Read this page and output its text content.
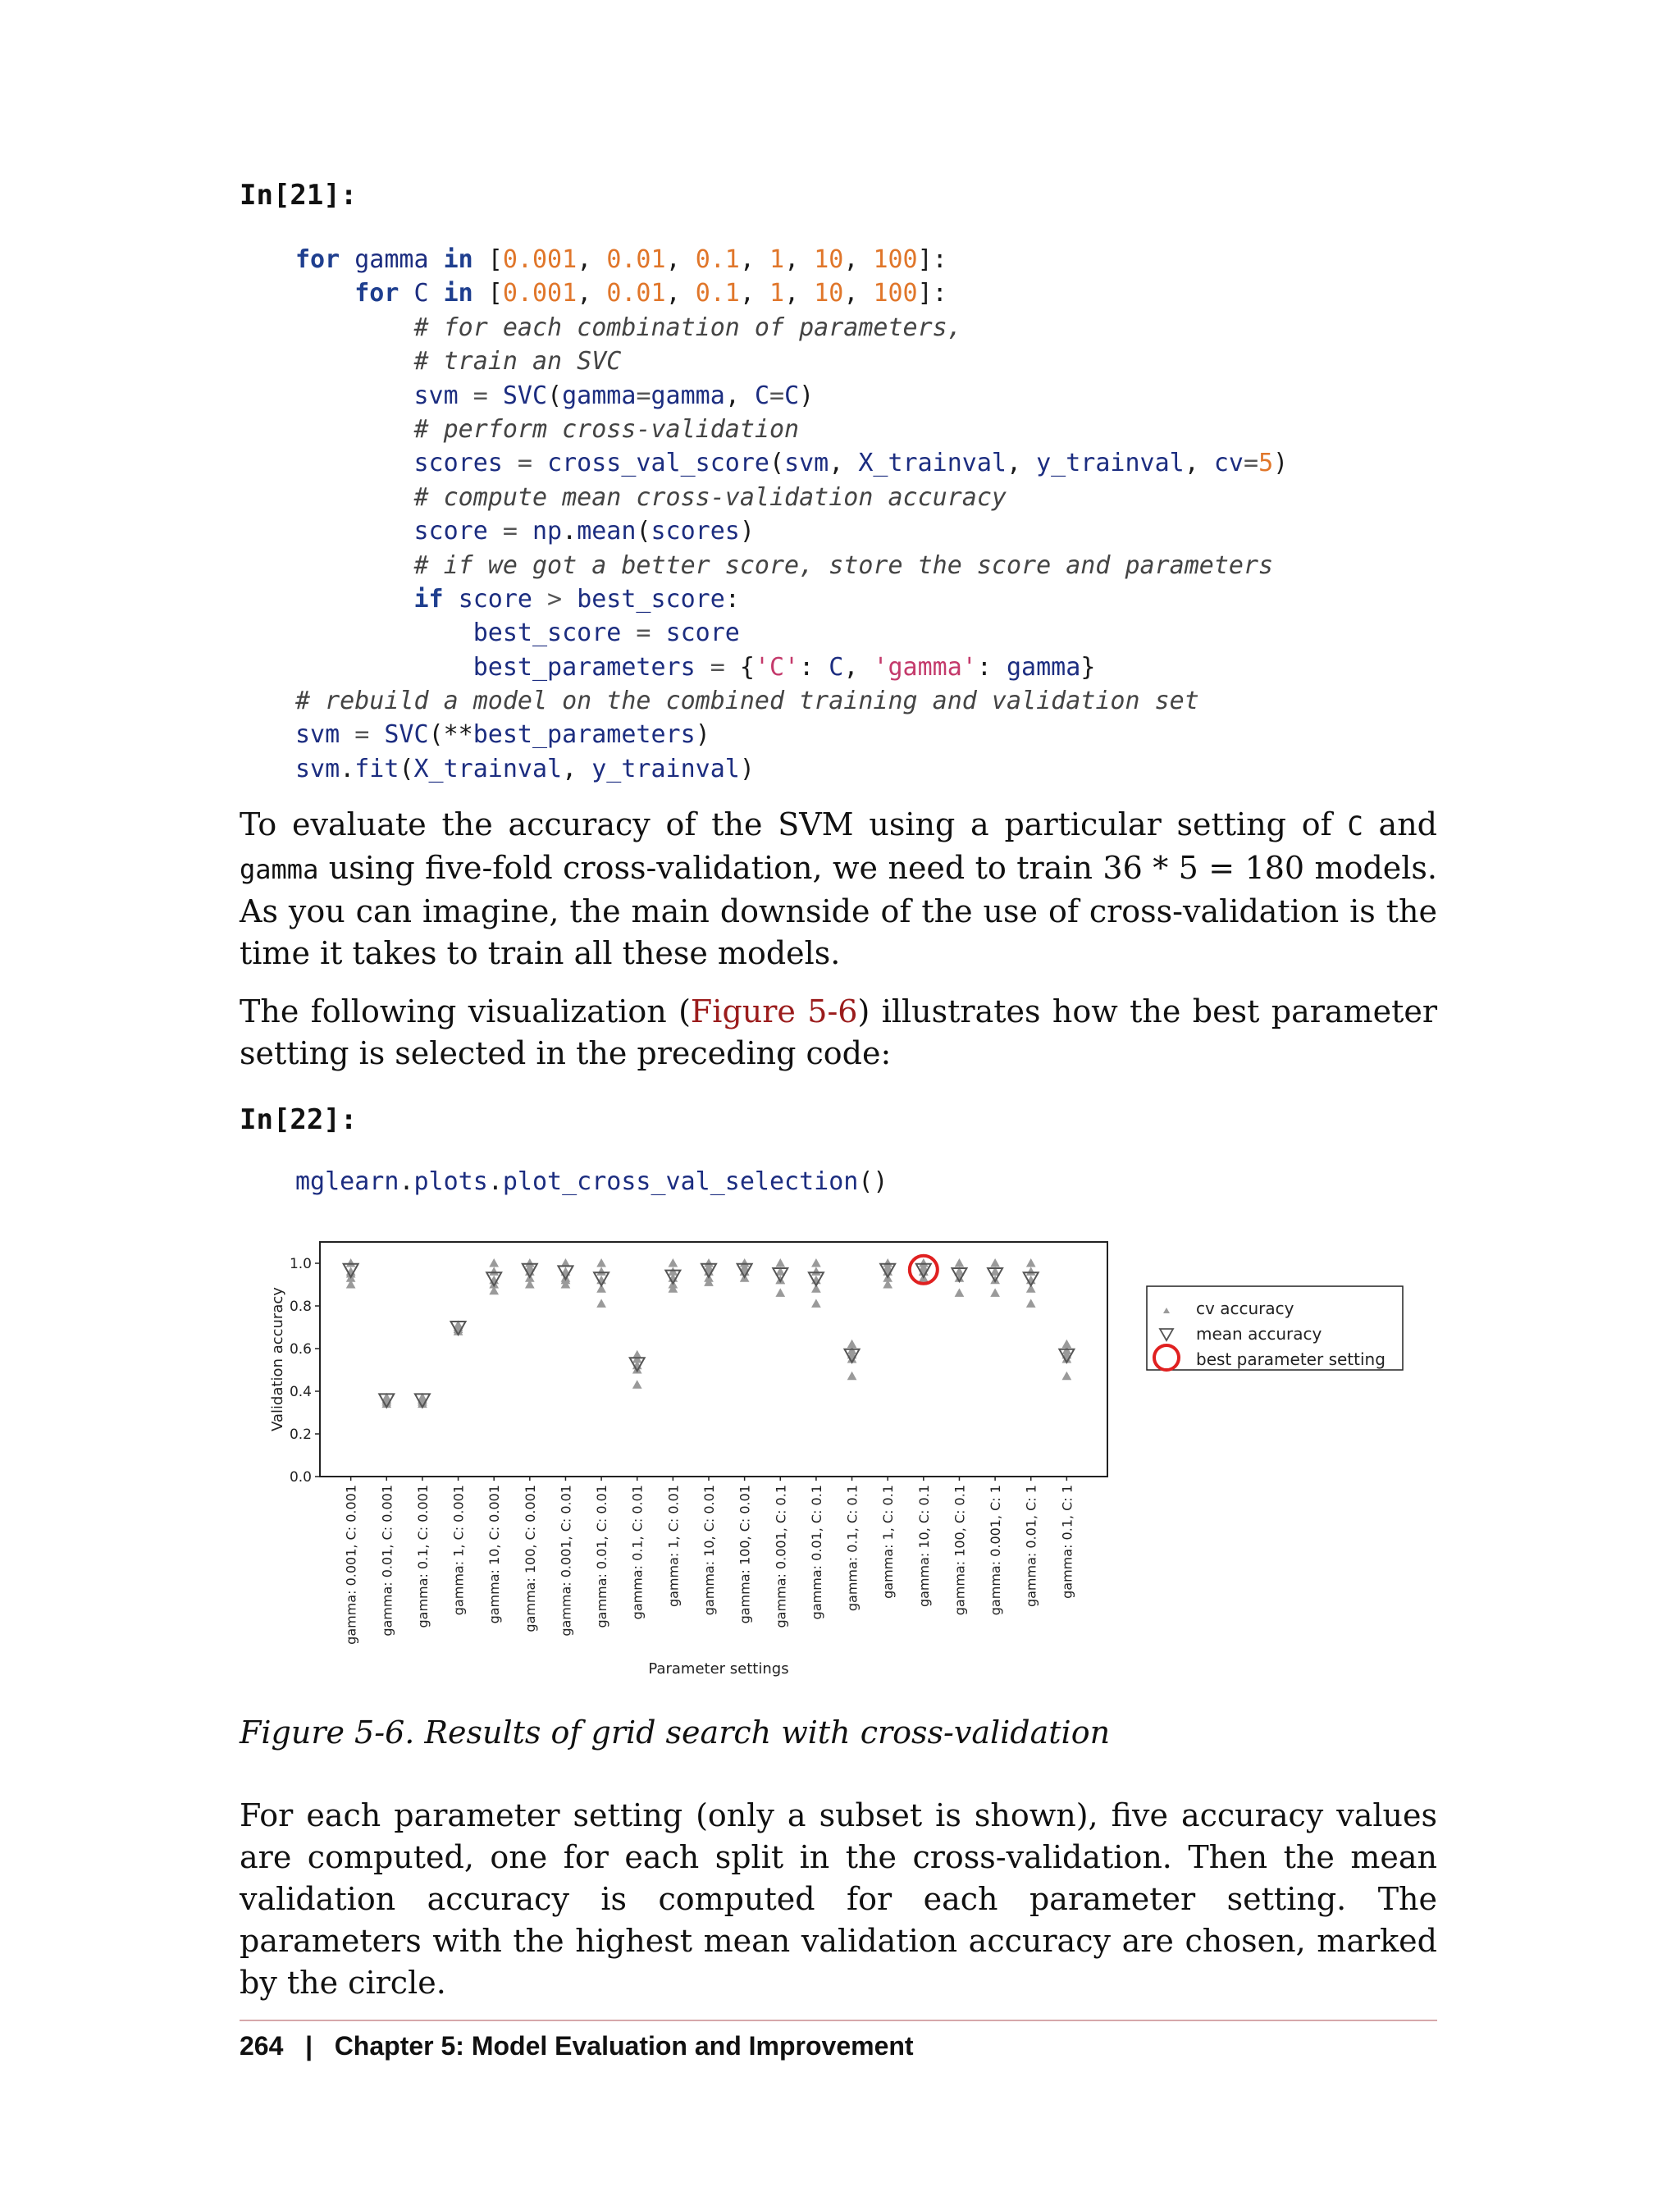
In[21]:
for gamma in [0.001, 0.01, 0.1, 1, 10, 100]:
for C in [0.001, 0.01, 0.1, 1, 10, 100]:
# for each combination of parameters,
# train an SVC
svm = SVC(gamma=gamma, C=C)
# perform cross-validation
scores = cross_val_score(svm, X_trainval, y_trainval, cv=5)
# compute mean cross-validation accuracy
score = np.mean(scores)
# if we got a better score, store the score and parameters
if score > best_score:
best_score = score
best_parameters = {'C': C, 'gamma': gamma}
# rebuild a model on the combined training and validation set
svm = SVC(**best_parameters)
svm.fit(X_trainval, y_trainval)
To evaluate the accuracy of the SVM using a particular setting of C and gamma using five-fold cross-validation, we need to train 36 * 5 = 180 models. As you can imagine, the main downside of the use of cross-validation is the time it takes to train all these models.
The following visualization (Figure 5-6) illustrates how the best parameter setting is selected in the preceding code:
In[22]:
mglearn.plots.plot_cross_val_selection()
0.0
0.2
0.4
0.6
0.8
1.0
Validation accuracy
gamma: 0.001, C: 0.001 gamma: 0.01, C: 0.001 gamma: 0.1, C: 0.001 gamma: 1, C: 0.001 gamma: 10, C: 0.001 gamma: 100, C: 0.001 gamma: 0.001, C: 0.01 gamma: 0.01, C: 0.01 gamma: 0.1, C: 0.01 gamma: 1, C: 0.01 gamma: 10, C: 0.01 gamma: 100, C: 0.01 gamma: 0.001, C: 0.1 gamma: 0.01, C: 0.1 gamma: 0.1, C: 0.1 gamma: 1, C: 0.1 gamma: 10, C: 0.1 gamma: 100, C: 0.1 gamma: 0.001, C: 1 gamma: 0.01, C: 1 gamma: 0.1, C: 1
Parameter settings
cv accuracy
mean accuracy
best parameter setting
Figure 5-6. Results of grid search with cross-validation
For each parameter setting (only a subset is shown), five accuracy values are computed, one for each split in the cross-validation. Then the mean validation accuracy is computed for each parameter setting. The parameters with the highest mean validation accuracy are chosen, marked by the circle.
264 | Chapter 5: Model Evaluation and Improvement
